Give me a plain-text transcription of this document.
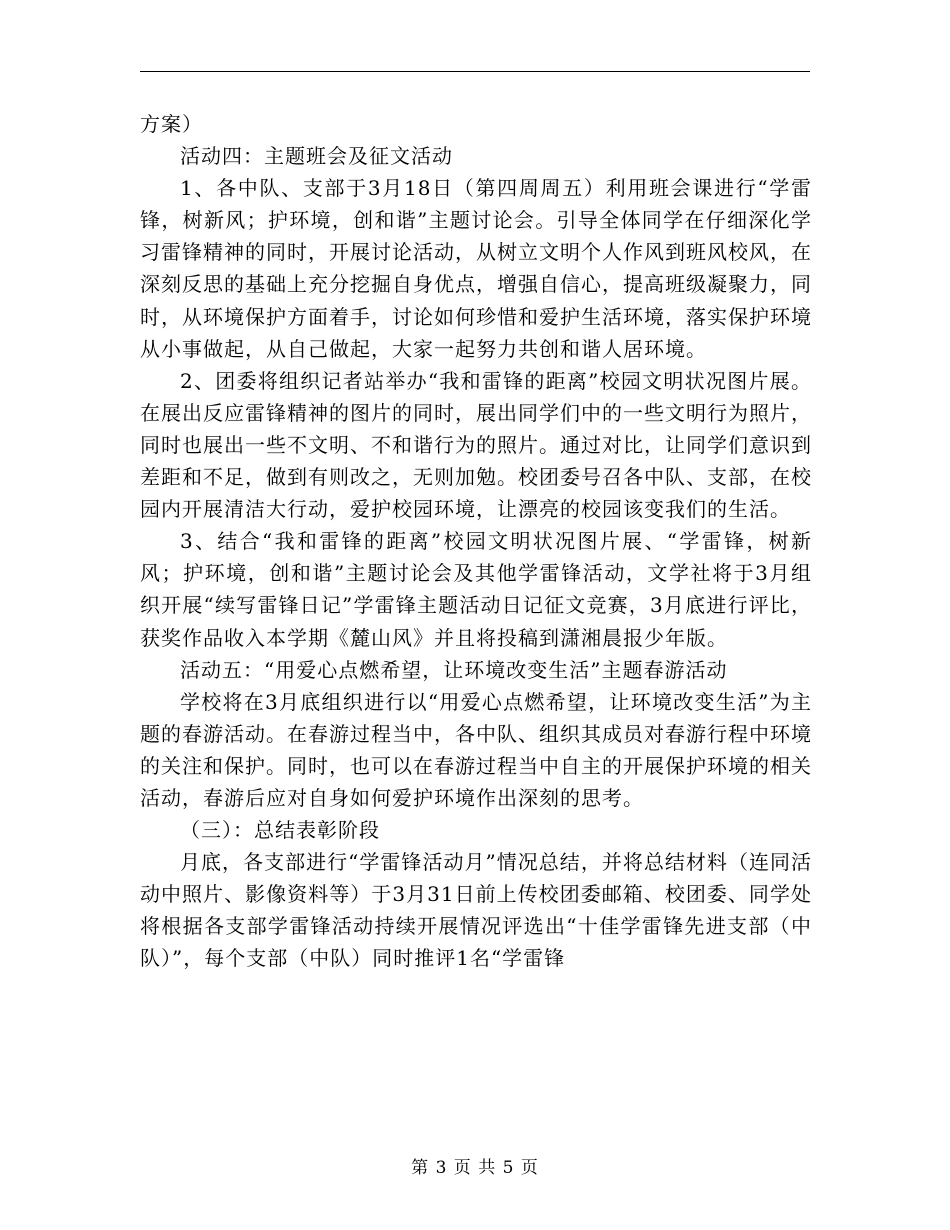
方案）

活动四：主题班会及征文活动

1、各中队、支部于3月18日（第四周周五）利用班会课进行“学雷锋，树新风；护环境，创和谐”主题讨论会。引导全体同学在仔细深化学习雷锋精神的同时，开展讨论活动，从树立文明个人作风到班风校风，在深刻反思的基础上充分挖掘自身优点，增强自信心，提高班级凝聚力，同时，从环境保护方面着手，讨论如何珍惜和爱护生活环境，落实保护环境从小事做起，从自己做起，大家一起努力共创和谐人居环境。

2、团委将组织记者站举办“我和雷锋的距离”校园文明状况图片展。在展出反应雷锋精神的图片的同时，展出同学们中的一些文明行为照片，同时也展出一些不文明、不和谐行为的照片。通过对比，让同学们意识到差距和不足，做到有则改之，无则加勉。校团委号召各中队、支部，在校园内开展清洁大行动，爱护校园环境，让漂亮的校园该变我们的生活。

3、结合“我和雷锋的距离”校园文明状况图片展、“学雷锋，树新风；护环境，创和谐”主题讨论会及其他学雷锋活动，文学社将于3月组织开展“续写雷锋日记”学雷锋主题活动日记征文竞赛，3月底进行评比，获奖作品收入本学期《麓山风》并且将投稿到潇湘晨报少年版。

活动五：“用爱心点燃希望，让环境改变生活”主题春游活动

学校将在3月底组织进行以“用爱心点燃希望，让环境改变生活”为主题的春游活动。在春游过程当中，各中队、组织其成员对春游行程中环境的关注和保护。同时，也可以在春游过程当中自主的开展保护环境的相关活动，春游后应对自身如何爱护环境作出深刻的思考。

（三）：总结表彰阶段

月底，各支部进行“学雷锋活动月”情况总结，并将总结材料（连同活动中照片、影像资料等）于3月31日前上传校团委邮箱、校团委、同学处将根据各支部学雷锋活动持续开展情况评选出“十佳学雷锋先进支部（中队）”，每个支部（中队）同时推评1名“学雷锋

第 3 页 共 5 页
